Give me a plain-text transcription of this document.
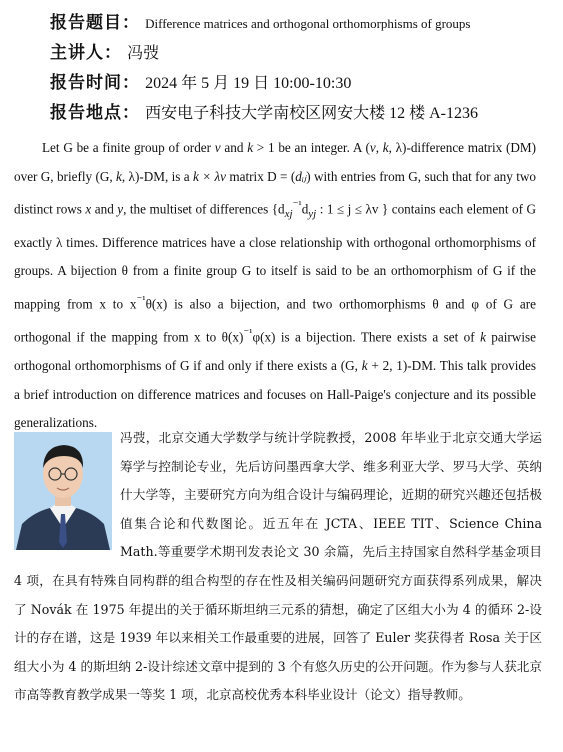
报告题目： Difference matrices and orthogonal orthomorphisms of groups
主讲人： 冯弢
报告时间： 2024 年 5 月 19 日 10:00-10:30
报告地点： 西安电子科技大学南校区网安大楼 12 楼 A-1236
Let G be a finite group of order v and k > 1 be an integer. A (v, k, λ)-difference matrix (DM) over G, briefly (G, k, λ)-DM, is a k × λv matrix D = (dᵢⱼ) with entries from G, such that for any two distinct rows x and y, the multiset of differences {$d_{xj}^{^{-1}}d_{yj}$ : 1 ≤ j ≤ λv } contains each element of G exactly λ times. Difference matrices have a close relationship with orthogonal orthomorphisms of groups. A bijection θ from a finite group G to itself is said to be an orthomorphism of G if the mapping from x to $x^{^{-1}}\theta(x)$ is also a bijection, and two orthomorphisms θ and φ of G are orthogonal if the mapping from x to $\theta(x)^{^{-1}}\varphi(x)$ is a bijection. There exists a set of k pairwise orthogonal orthomorphisms of G if and only if there exists a (G, k + 2, 1)-DM. This talk provides a brief introduction on difference matrices and focuses on Hall-Paige's conjecture and its possible generalizations.
冯弢，北京交通大学数学与统计学院教授，2008 年毕业于北京交通大学运筹学与控制论专业，先后访问墨西拿大学、维多利亚大学、罗马大学、英纳什大学等，主要研究方向为组合设计与编码理论，近期的研究兴趣还包括极值集合论和代数图论。近五年在 JCTA、IEEE TIT、Science China Math.等重要学术期刊发表论文 30 余篇，先后主持国家自然科学基金项目 4 项，在具有特殊自同构群的组合构型的存在性及相关编码问题研究方面获得系列成果，解决了 Novák 在 1975 年提出的关于循环斯坦纳三元系的猜想，确定了区组大小为 4 的循环 2-设计的存在谱，这是 1939 年以来相关工作最重要的进展，回答了 Euler 奖获得者 Rosa 关于区组大小为 4 的斯坦纳 2-设计综述文章中提到的 3 个有悠久历史的公开问题。作为参与人获北京市高等教育教学成果一等奖 1 项，北京高校优秀本科毕业设计（论文）指导教师。
